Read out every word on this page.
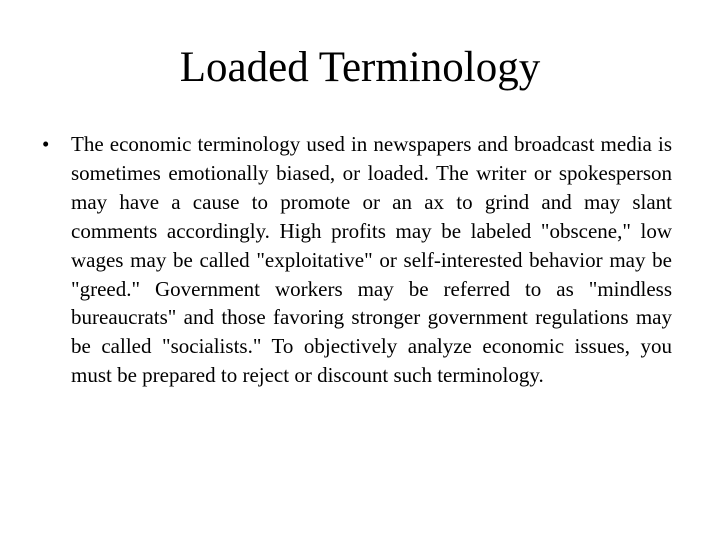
Loaded Terminology
• The economic terminology used in newspapers and broadcast media is sometimes emotionally biased, or loaded. The writer or spokesperson may have a cause to promote or an ax to grind and may slant comments accordingly. High profits may be labeled "obscene," low wages may be called "exploitative" or self-interested behavior may be "greed." Government workers may be referred to as "mindless bureaucrats" and those favoring stronger government regulations may be called "socialists." To objectively analyze economic issues, you must be prepared to reject or discount such terminology.
